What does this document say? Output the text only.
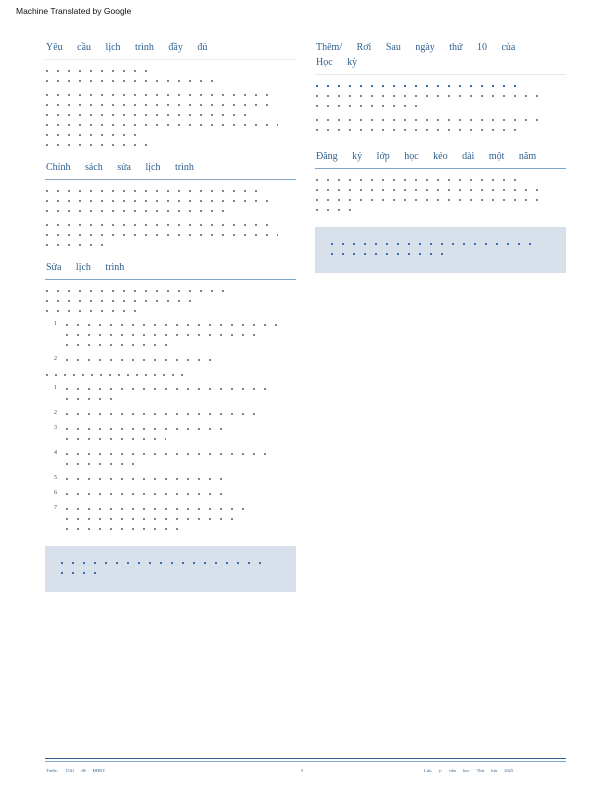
Machine Translated by Google
Yêu cầu lịch trình đầy đủ
Chính sách sửa lịch trình
Sửa lịch trình
1
2
1
2
3
4
5
6
7
Thêm/ Rơi Sau ngày thứ 10 của
Học kỳ
Đăng ký lớp học kéo dài một năm
Trước: 1541 để ĐHKT	5	Lưu ý: tiền học Thư lưu 2025
